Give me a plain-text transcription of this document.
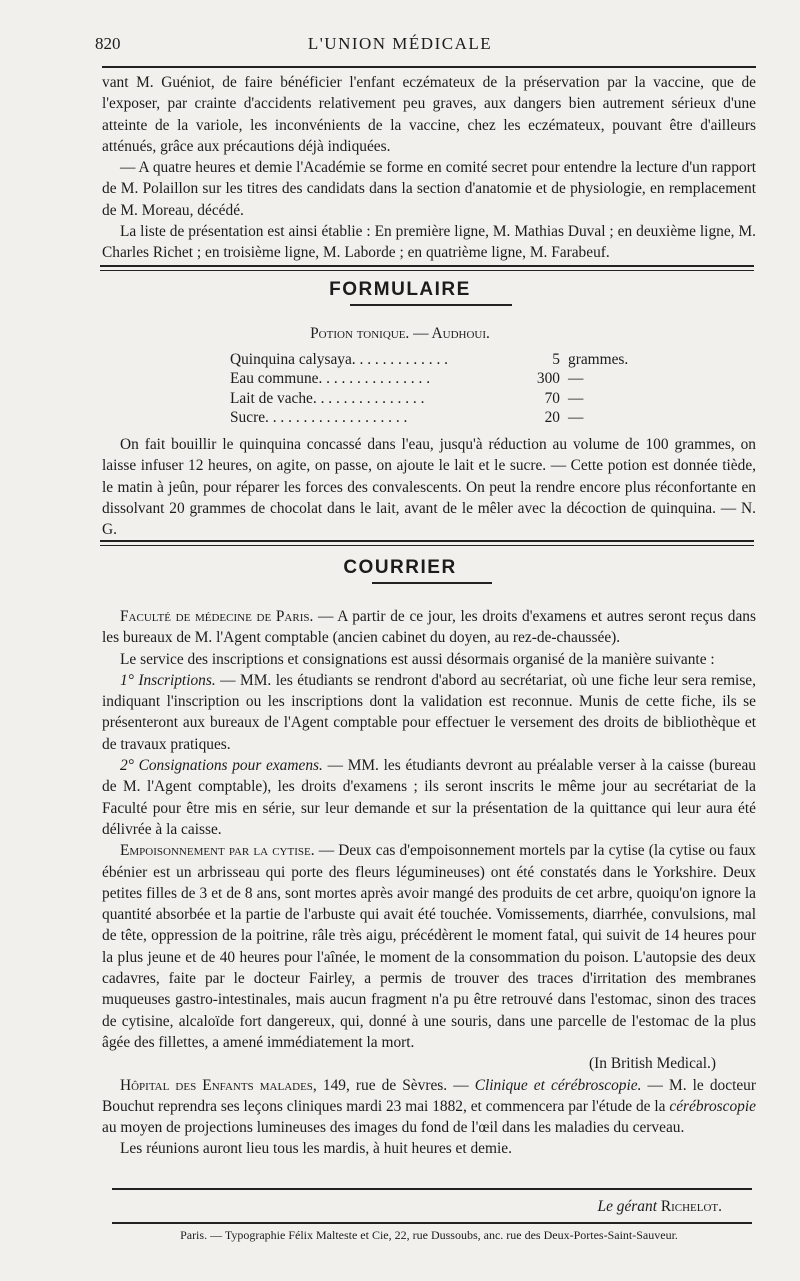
820	L'UNION MÉDICALE

vant M. Guéniot, de faire bénéficier l'enfant eczémateux de la préservation par la vaccine, que de l'exposer, par crainte d'accidents relativement peu graves, aux dangers bien autrement sérieux d'une atteinte de la variole, les inconvénients de la vaccine, chez les eczémateux, pouvant être d'ailleurs atténués, grâce aux précautions déjà indiquées.

— A quatre heures et demie l'Académie se forme en comité secret pour entendre la lecture d'un rapport de M. Polaillon sur les titres des candidats dans la section d'anatomie et de physiologie, en remplacement de M. Moreau, décédé.

La liste de présentation est ainsi établie : En première ligne, M. Mathias Duval ; en deuxième ligne, M. Charles Richet ; en troisième ligne, M. Laborde ; en quatrième ligne, M. Farabeuf.

FORMULAIRE
Potion tonique. — Audhoui.
Quinquina calysaya. . . . . . . . . . . . .	5 grammes.
Eau commune. . . . . . . . . . . . . . .	300 —
Lait de vache. . . . . . . . . . . . . . .	70 —
Sucre. . . . . . . . . . . . . . . . . . .	20 —

On fait bouillir le quinquina concassé dans l'eau, jusqu'à réduction au volume de 100 grammes, on laisse infuser 12 heures, on agite, on passe, on ajoute le lait et le sucre. — Cette potion est donnée tiède, le matin à jeûn, pour réparer les forces des convalescents. On peut la rendre encore plus réconfortante en dissolvant 20 grammes de chocolat dans le lait, avant de le mêler avec la décoction de quinquina. — N. G.

COURRIER

Faculté de médecine de Paris. — A partir de ce jour, les droits d'examens et autres seront reçus dans les bureaux de M. l'Agent comptable (ancien cabinet du doyen, au rez-de-chaussée).

Le service des inscriptions et consignations est aussi désormais organisé de la manière suivante :

1° Inscriptions. — MM. les étudiants se rendront d'abord au secrétariat, où une fiche leur sera remise, indiquant l'inscription ou les inscriptions dont la validation est reconnue. Munis de cette fiche, ils se présenteront aux bureaux de l'Agent comptable pour effectuer le versement des droits de bibliothèque et de travaux pratiques.

2° Consignations pour examens. — MM. les étudiants devront au préalable verser à la caisse (bureau de M. l'Agent comptable), les droits d'examens ; ils seront inscrits le même jour au secrétariat de la Faculté pour être mis en série, sur leur demande et sur la présentation de la quittance qui leur aura été délivrée à la caisse.

Empoisonnement par la cytise. — Deux cas d'empoisonnement mortels par la cytise (la cytise ou faux ébénier est un arbrisseau qui porte des fleurs légumineuses) ont été constatés dans le Yorkshire. Deux petites filles de 3 et de 8 ans, sont mortes après avoir mangé des produits de cet arbre, quoiqu'on ignore la quantité absorbée et la partie de l'arbuste qui avait été touchée. Vomissements, diarrhée, convulsions, mal de tête, oppression de la poitrine, râle très aigu, précédèrent le moment fatal, qui suivit de 14 heures pour la plus jeune et de 40 heures pour l'aînée, le moment de la consommation du poison. L'autopsie des deux cadavres, faite par le docteur Fairley, a permis de trouver des traces d'irritation des membranes muqueuses gastro-intestinales, mais aucun fragment n'a pu être retrouvé dans l'estomac, sinon des traces de cytisine, alcaloïde fort dangereux, qui, donné à une souris, dans une parcelle de l'estomac de la plus âgée des fillettes, a amené immédiatement la mort.

(In British Medical.)

Hôpital des Enfants malades, 149, rue de Sèvres. — Clinique et cérébroscopie. — M. le docteur Bouchut reprendra ses leçons cliniques mardi 23 mai 1882, et commencera par l'étude de la cérébroscopie au moyen de projections lumineuses des images du fond de l'œil dans les maladies du cerveau.

Les réunions auront lieu tous les mardis, à huit heures et demie.

Le gérant Richelot.
Paris. — Typographie Félix Malteste et Cie, 22, rue Dussoubs, anc. rue des Deux-Portes-Saint-Sauveur.
